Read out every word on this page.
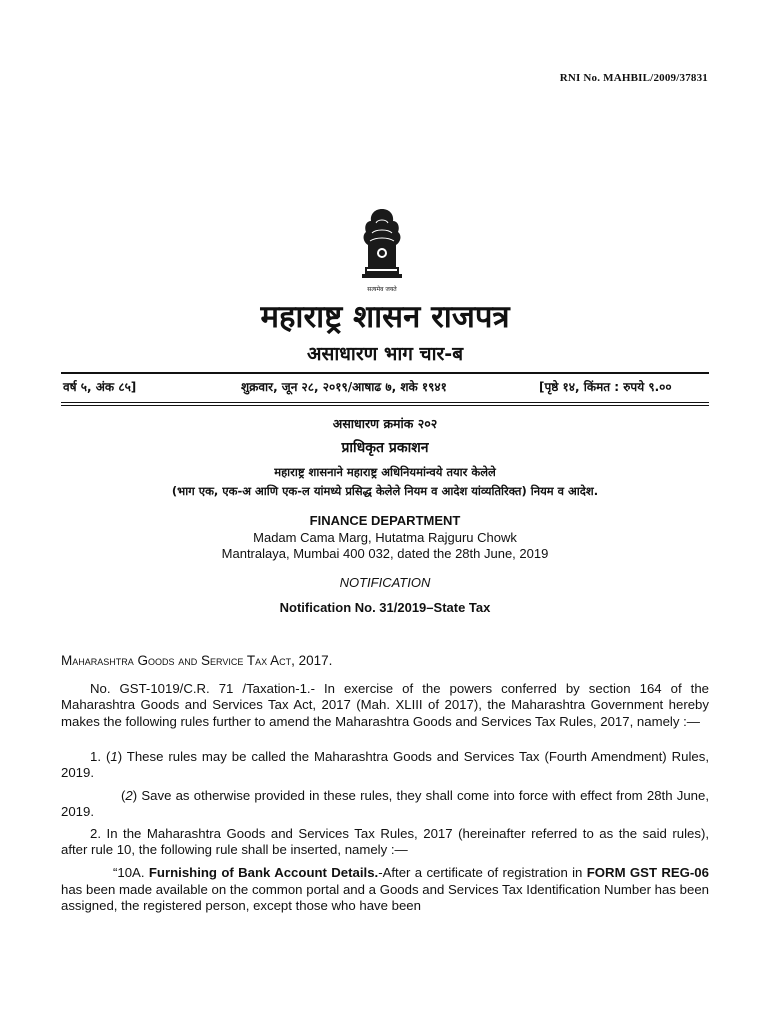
RNI No. MAHBIL/2009/37831
सत्यमेव जयते
महाराष्ट्र शासन राजपत्र
असाधारण भाग चार-ब
वर्ष ५, अंक ८५]	शुक्रवार, जून २८, २०१९/आषाढ ७, शके १९४१	[पृष्ठे १४, किंमत : रुपये ९.००
असाधारण क्रमांक २०२
प्राधिकृत प्रकाशन
महाराष्ट्र शासनाने महाराष्ट्र अधिनियमांन्वये तयार केलेले
(भाग एक, एक-अ आणि एक-ल यांमध्ये प्रसिद्ध केलेले नियम व आदेश यांव्यतिरिक्त) नियम व आदेश.
FINANCE DEPARTMENT
Madam Cama Marg, Hutatma Rajguru Chowk
Mantralaya, Mumbai 400 032, dated the 28th June, 2019
NOTIFICATION
Notification No. 31/2019–State Tax
Maharashtra Goods and Service Tax Act, 2017.
No. GST-1019/C.R. 71 /Taxation-1.- In exercise of the powers conferred by section 164 of the Maharashtra Goods and Services Tax Act, 2017 (Mah. XLIII of 2017), the Maharashtra Government hereby makes the following rules further to amend the Maharashtra Goods and Services Tax Rules, 2017, namely :—
1. (1) These rules may be called the Maharashtra Goods and Services Tax (Fourth Amendment) Rules, 2019.
(2) Save as otherwise provided in these rules, they shall come into force with effect from 28th June, 2019.
2. In the Maharashtra Goods and Services Tax Rules, 2017 (hereinafter referred to as the said rules), after rule 10, the following rule shall be inserted, namely :—
“10A. Furnishing of Bank Account Details.-After a certificate of registration in FORM GST REG-06 has been made available on the common portal and a Goods and Services Tax Identification Number has been assigned, the registered person, except those who have been
